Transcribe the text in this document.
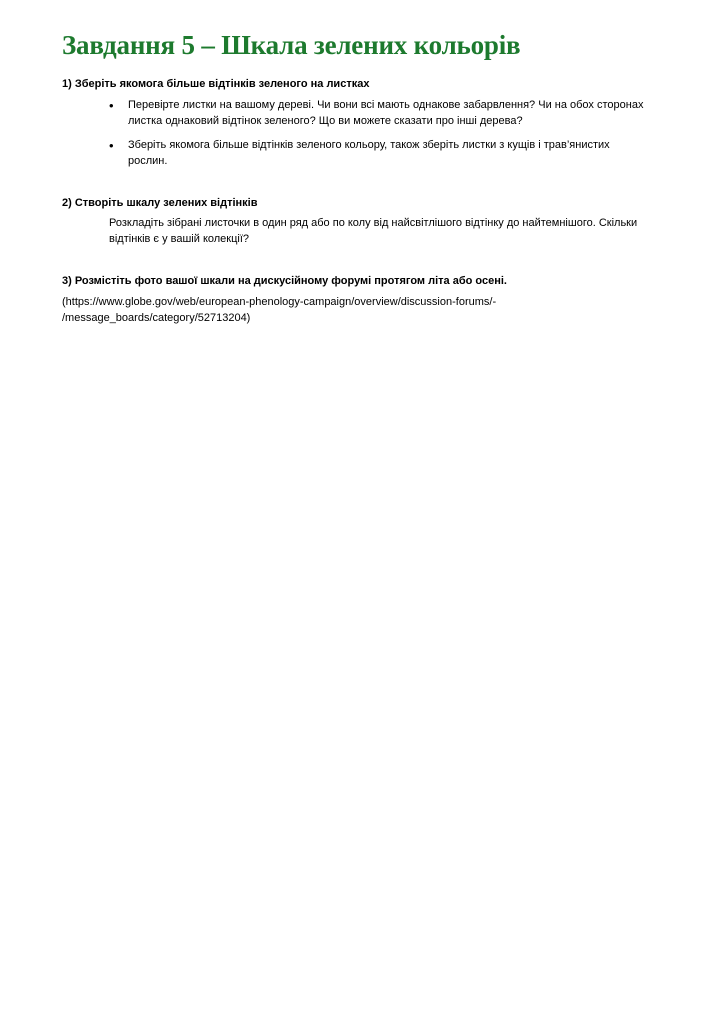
Завдання 5 – Шкала зелених кольорів

1) Зберіть якомога більше відтінків зеленого на листках

• Перевірте листки на вашому дереві. Чи вони всі мають однакове забарвлення? Чи на обох сторонах листка однаковий відтінок зеленого? Що ви можете сказати про інші дерева?
• Зберіть якомога більше відтінків зеленого кольору, також зберіть листки з кущів і трав’янистих рослин.

2) Створіть шкалу зелених відтінків

Розкладіть зібрані листочки в один ряд або по колу від найсвітлішого відтінку до найтемнішого. Скільки відтінків є у вашій колекції?

3) Розмістіть фото вашої шкали на дискусійному форумі протягом літа або осені.

(https://www.globe.gov/web/european-phenology-campaign/overview/discussion-forums/-

/message_boards/category/52713204)
